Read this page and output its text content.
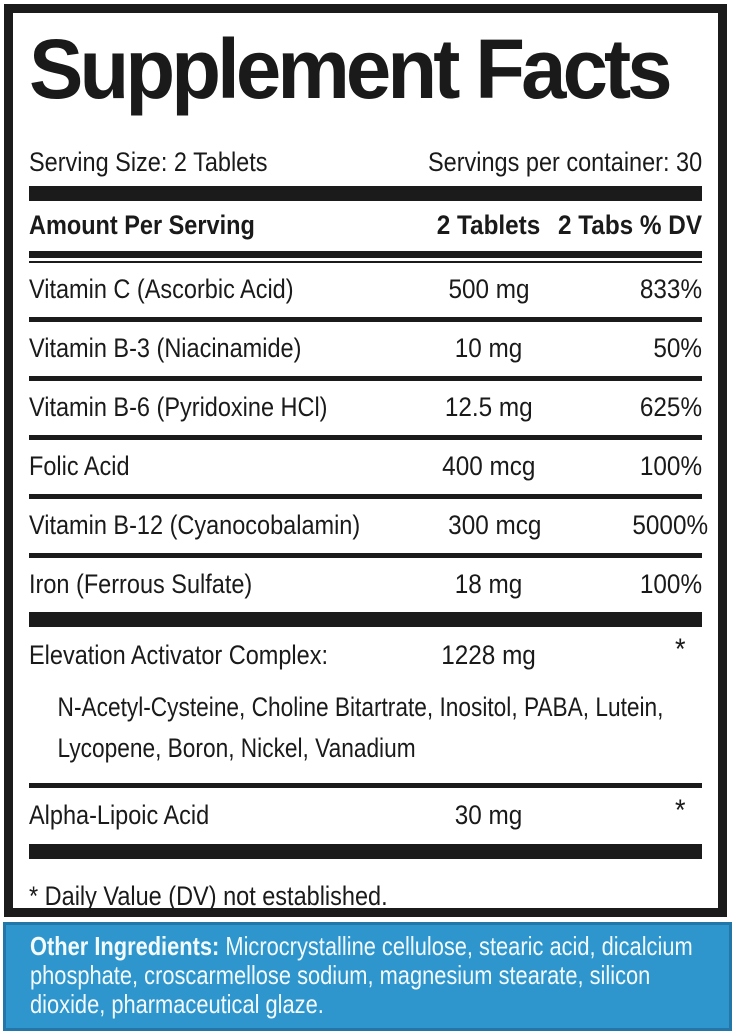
Supplement Facts
Serving Size: 2 Tablets	Servings per container: 30
Amount Per Serving	2 Tablets 2 Tabs % DV
Vitamin C (Ascorbic Acid)	500 mg	833%
Vitamin B-3 (Niacinamide)	10 mg	50%
Vitamin B-6 (Pyridoxine HCl)	12.5 mg	625%
Folic Acid	400 mcg	100%
Vitamin B-12 (Cyanocobalamin)	300 mcg	5000%
Iron (Ferrous Sulfate)	18 mg	100%
Elevation Activator Complex:	1228 mg	*
N-Acetyl-Cysteine, Choline Bitartrate, Inositol, PABA, Lutein, Lycopene, Boron, Nickel, Vanadium
Alpha-Lipoic Acid	30 mg	*
* Daily Value (DV) not established.
Other Ingredients: Microcrystalline cellulose, stearic acid, dicalcium phosphate, croscarmellose sodium, magnesium stearate, silicon dioxide, pharmaceutical glaze.
